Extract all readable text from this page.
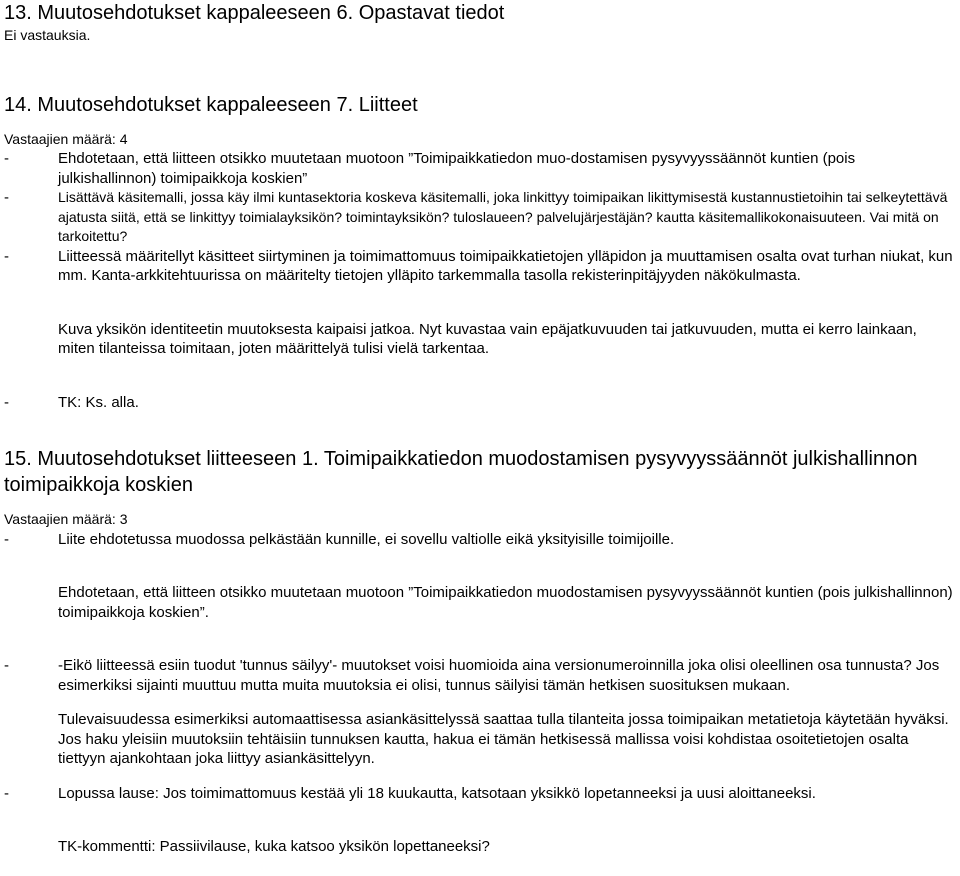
13. Muutosehdotukset kappaleeseen 6. Opastavat tiedot

Ei vastauksia.

14. Muutosehdotukset kappaleeseen 7. Liitteet

Vastaajien määrä: 4

-	Ehdotetaan, että liitteen otsikko muutetaan muotoon ”Toimipaikkatiedon muo-dostamisen pysyvyyssäännöt kuntien (pois julkishallinnon) toimipaikkoja koskien”
-	Lisättävä käsitemalli, jossa käy ilmi kuntasektoria koskeva käsitemalli, joka linkittyy toimipaikan likittymisestä kustannustietoihin tai selkeytettävä ajatusta siitä, että se linkittyy toimialayksikön? toimintayksikön? tuloslaueen? palvelujärjestäjän? kautta käsitemallikokonaisuuteen. Vai mitä on tarkoitettu?
-	Liitteessä määritellyt käsitteet siirtyminen ja toimimattomuus toimipaikkatietojen ylläpidon ja muuttamisen osalta ovat turhan niukat, kun mm. Kanta-arkkitehtuurissa on määritelty tietojen ylläpito tarkemmalla tasolla rekisterinpitäjyyden näkökulmasta.

Kuva yksikön identiteetin muutoksesta kaipaisi jatkoa. Nyt kuvastaa vain epäjatkuvuuden tai jatkuvuuden, mutta ei kerro lainkaan, miten tilanteissa toimitaan, joten määrittelyä tulisi vielä tarkentaa.

-	TK: Ks. alla.
15. Muutosehdotukset liitteeseen 1. Toimipaikkatiedon muodostamisen pysyvyyssäännöt julkishallinnon toimipaikkoja koskien

Vastaajien määrä: 3

-	Liite ehdotetussa muodossa pelkästään kunnille, ei sovellu valtiolle eikä yksityisille toimijoille.

Ehdotetaan, että liitteen otsikko muutetaan muotoon ”Toimipaikkatiedon muodostamisen pysyvyyssäännöt kuntien (pois julkishallinnon) toimipaikkoja koskien”.

-	-Eikö liitteessä esiin tuodut 'tunnus säilyy'- muutokset voisi huomioida aina versionumeroinnilla joka olisi oleellinen osa tunnusta? Jos esimerkiksi sijainti muuttuu mutta muita muutoksia ei olisi, tunnus säilyisi tämän hetkisen suosituksen mukaan.

Tulevaisuudessa esimerkiksi automaattisessa asiankäsittelyssä saattaa tulla tilanteita jossa toimipaikan metatietoja käytetään hyväksi. Jos haku yleisiin muutoksiin tehtäisiin tunnuksen kautta, hakua ei tämän hetkisessä mallissa voisi kohdistaa osoitetietojen osalta tiettyyn ajankohtaan joka liittyy asiankäsittelyyn.

-	Lopussa lause: Jos toimimattomuus kestää yli 18 kuukautta, katsotaan yksikkö lopetanneeksi ja uusi aloittaneeksi.

TK-kommentti: Passiivilause, kuka katsoo yksikön lopettaneeksi?
